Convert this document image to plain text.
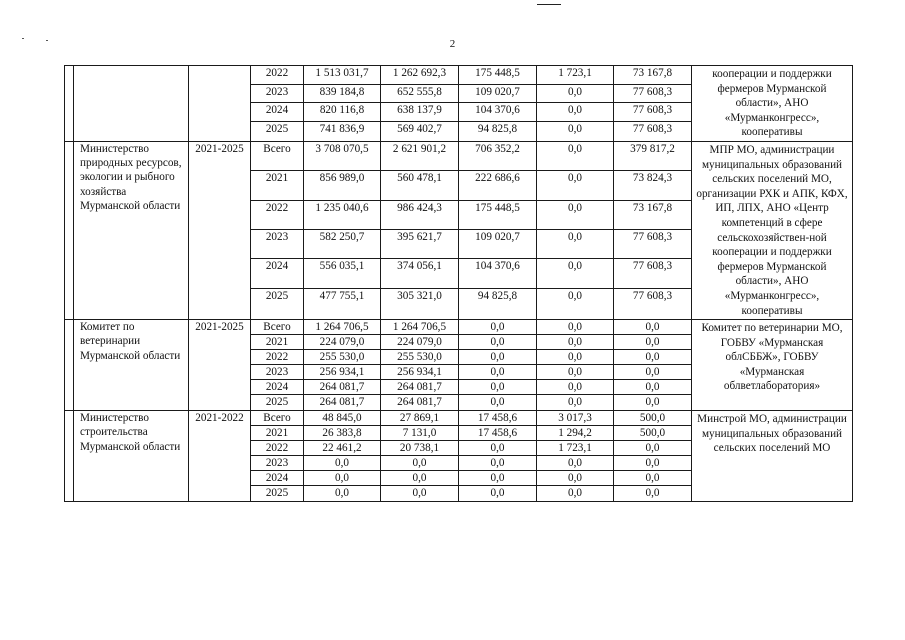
2
			2022	1 513 031,7	1 262 692,3	175 448,5	1 723,1	73 167,8	кооперации и поддержки фермеров Мурманской области», АНО «Мурманконгресс», кооперативы
			2023	839 184,8	652 555,8	109 020,7	0,0	77 608,3	
			2024	820 116,8	638 137,9	104 370,6	0,0	77 608,3	
			2025	741 836,9	569 402,7	94 825,8	0,0	77 608,3	
	Министерство природных ресурсов, экологии и рыбного хозяйства Мурманской области	2021-2025	Всего	3 708 070,5	2 621 901,2	706 352,2	0,0	379 817,2	МПР МО, администрации муниципальных образований сельских поселений МО, организации РХК и АПК, КФХ, ИП, ЛПХ, АНО «Центр компетенций в сфере сельскохозяйствен-ной кооперации и поддержки фермеров Мурманской области», АНО «Мурманконгресс», кооперативы
			2021	856 989,0	560 478,1	222 686,6	0,0	73 824,3	
			2022	1 235 040,6	986 424,3	175 448,5	0,0	73 167,8	
			2023	582 250,7	395 621,7	109 020,7	0,0	77 608,3	
			2024	556 035,1	374 056,1	104 370,6	0,0	77 608,3	
			2025	477 755,1	305 321,0	94 825,8	0,0	77 608,3	
	Комитет по ветеринарии Мурманской области	2021-2025	Всего	1 264 706,5	1 264 706,5	0,0	0,0	0,0	Комитет по ветеринарии МО, ГОБВУ «Мурманская облСББЖ», ГОБВУ «Мурманская облветлаборатория»
			2021	224 079,0	224 079,0	0,0	0,0	0,0	
			2022	255 530,0	255 530,0	0,0	0,0	0,0	
			2023	256 934,1	256 934,1	0,0	0,0	0,0	
			2024	264 081,7	264 081,7	0,0	0,0	0,0	
			2025	264 081,7	264 081,7	0,0	0,0	0,0	
	Министерство строительства Мурманской области	2021-2022	Всего	48 845,0	27 869,1	17 458,6	3 017,3	500,0	Минстрой МО, администрации муниципальных образований сельских поселений МО
			2021	26 383,8	7 131,0	17 458,6	1 294,2	500,0	
			2022	22 461,2	20 738,1	0,0	1 723,1	0,0	
			2023	0,0	0,0	0,0	0,0	0,0	
			2024	0,0	0,0	0,0	0,0	0,0	
			2025	0,0	0,0	0,0	0,0	0,0	
